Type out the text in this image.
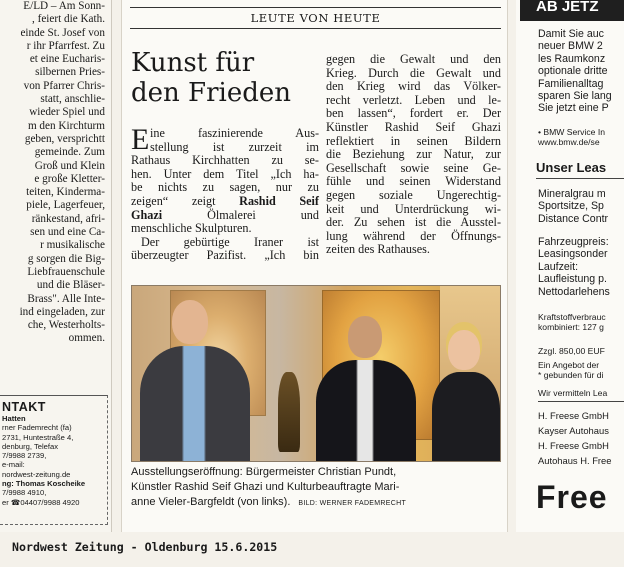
E/LD – Am Sonn-
, feiert die Kath.
einde St. Josef von
r ihr Pfarrfest. Zu
et eine Eucharis-
silbernen Pries-
von Pfarrer Chris-
statt, anschlie-
wieder Spiel und
m den Kirchturm
geben, versprichtt
gemeinde. Zum
Groß und Klein
e große Kletter-
teiten, Kinderma-
piele, Lagerfeuer,
ränkestand, afri-
sen und eine Ca-
r musikalische
g sorgen die Big-
Liebfrauenschule
und die Bläser-
Brass". Alle Inte-
ind eingeladen, zur
che, Westerholts-
ommen.
NTAKT
Hatten
rner Fademrecht (fa)
2731, Huntestraße 4,
denburg, Telefax
7/9988 2739,
e-mail:
nordwest-zeitung.de
ng: Thomas Koscheike
7/9988 4910,
er ☎04407/9988 4920
LEUTE VON HEUTE
Kunst für
den Frieden
E ine faszinierende Aus-
stellung ist zurzeit im
Rathaus Kirchhatten zu se-
hen. Unter dem Titel „Ich ha-
be nichts zu sagen, nur zu
zeigen“ zeigt Rashid Seif
Ghazi Ölmalerei und
menschliche Skulpturen.
Der gebürtige Iraner ist
überzeugter Pazifist. „Ich bin
gegen die Gewalt und den
Krieg. Durch die Gewalt und
den Krieg wird das Völker-
recht verletzt. Leben und le-
ben lassen“, fordert er. Der
Künstler Rashid Seif Ghazi
reflektiert in seinen Bildern
die Beziehung zur Natur, zur
Gesellschaft sowie seine Ge-
fühle und seinen Widerstand
gegen soziale Ungerechtig-
keit und Unterdrückung wi-
der. Zu sehen ist die Ausstel-
lung während der Öffnungs-
zeiten des Rathauses.
Ausstellungseröffnung: Bürgermeister Christian Pundt,
Künstler Rashid Seif Ghazi und Kulturbeauftragte Mari-
anne Vieler-Bargfeldt (von links). BILD: WERNER FADEMRECHT
AB JETZ
Damit Sie auc
neuer BMW 2
les Raumkonz
optionale dritte
Familienalltag
sparen Sie lang
Sie jetzt eine P
• BMW Service In
www.bmw.de/se
Unser Leas
Mineralgrau m
Sportsitze, Sp
Distance Contr
Fahrzeugpreis:
Leasingsonder
Laufzeit:
Laufleistung p.
Nettodarlehens
Kraftstoffverbrauc
kombiniert: 127 g
Zzgl. 850,00 EUF
Ein Angebot der
* gebunden für di
Wir vermitteln Lea
H. Freese GmbH
Kayser Autohaus
H. Freese GmbH
Autohaus H. Free
Free
Nordwest Zeitung - Oldenburg 15.6.2015
